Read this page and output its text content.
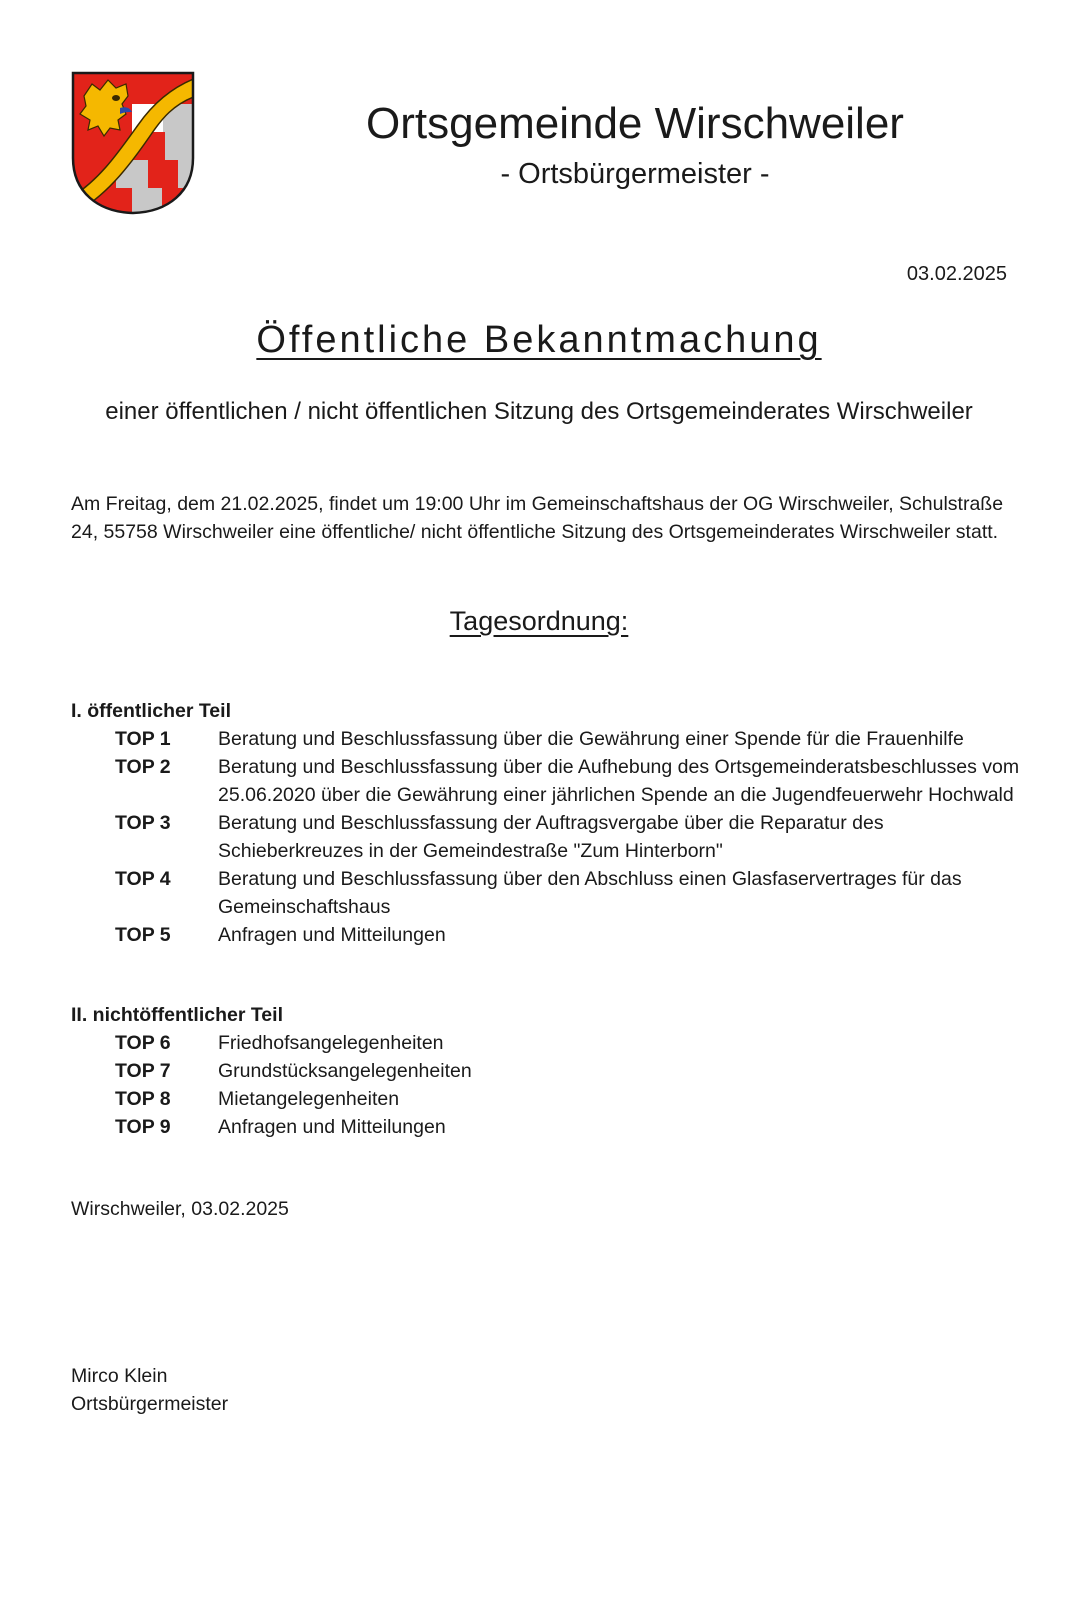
Ortsgemeinde Wirschweiler
- Ortsbürgermeister -
03.02.2025
Öffentliche Bekanntmachung
einer öffentlichen / nicht öffentlichen Sitzung des Ortsgemeinderates Wirschweiler
Am Freitag, dem 21.02.2025, findet um 19:00 Uhr im Gemeinschaftshaus der OG Wirschweiler, Schulstraße 24, 55758 Wirschweiler eine öffentliche/ nicht öffentliche Sitzung des Ortsgemeinderates Wirschweiler statt.
Tagesordnung:
I. öffentlicher Teil
TOP 1	Beratung und Beschlussfassung über die Gewährung einer Spende für die Frauenhilfe
TOP 2	Beratung und Beschlussfassung über die Aufhebung des Ortsgemeinderatsbeschlusses vom 25.06.2020 über die Gewährung einer jährlichen Spende an die Jugendfeuerwehr Hochwald
TOP 3	Beratung und Beschlussfassung der Auftragsvergabe über die Reparatur des Schieberkreuzes in der Gemeindestraße "Zum Hinterborn"
TOP 4	Beratung und Beschlussfassung über den Abschluss einen Glasfaservertrages für das Gemeinschaftshaus
TOP 5	Anfragen und Mitteilungen
II. nichtöffentlicher Teil
TOP 6	Friedhofsangelegenheiten
TOP 7	Grundstücksangelegenheiten
TOP 8	Mietangelegenheiten
TOP 9	Anfragen und Mitteilungen
Wirschweiler, 03.02.2025
Mirco Klein
Ortsbürgermeister
